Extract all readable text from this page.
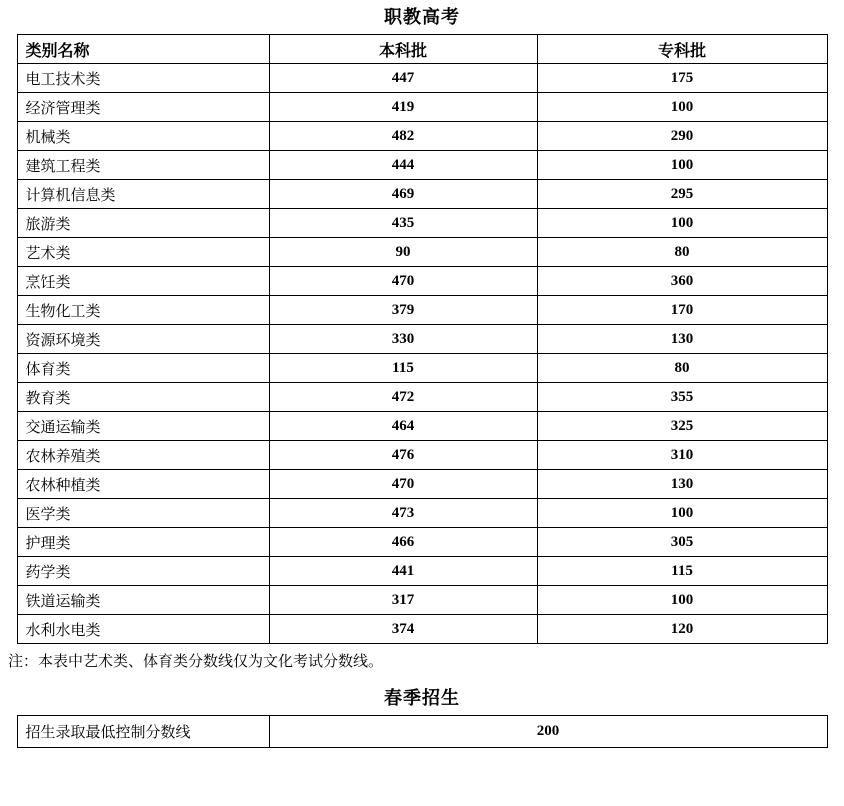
职教高考
类别名称	本科批	专科批
电工技术类	447	175
经济管理类	419	100
机械类	482	290
建筑工程类	444	100
计算机信息类	469	295
旅游类	435	100
艺术类	90	80
烹饪类	470	360
生物化工类	379	170
资源环境类	330	130
体育类	115	80
教育类	472	355
交通运输类	464	325
农林养殖类	476	310
农林种植类	470	130
医学类	473	100
护理类	466	305
药学类	441	115
铁道运输类	317	100
水利水电类	374	120
注：本表中艺术类、体育类分数线仅为文化考试分数线。
春季招生
招生录取最低控制分数线	200
